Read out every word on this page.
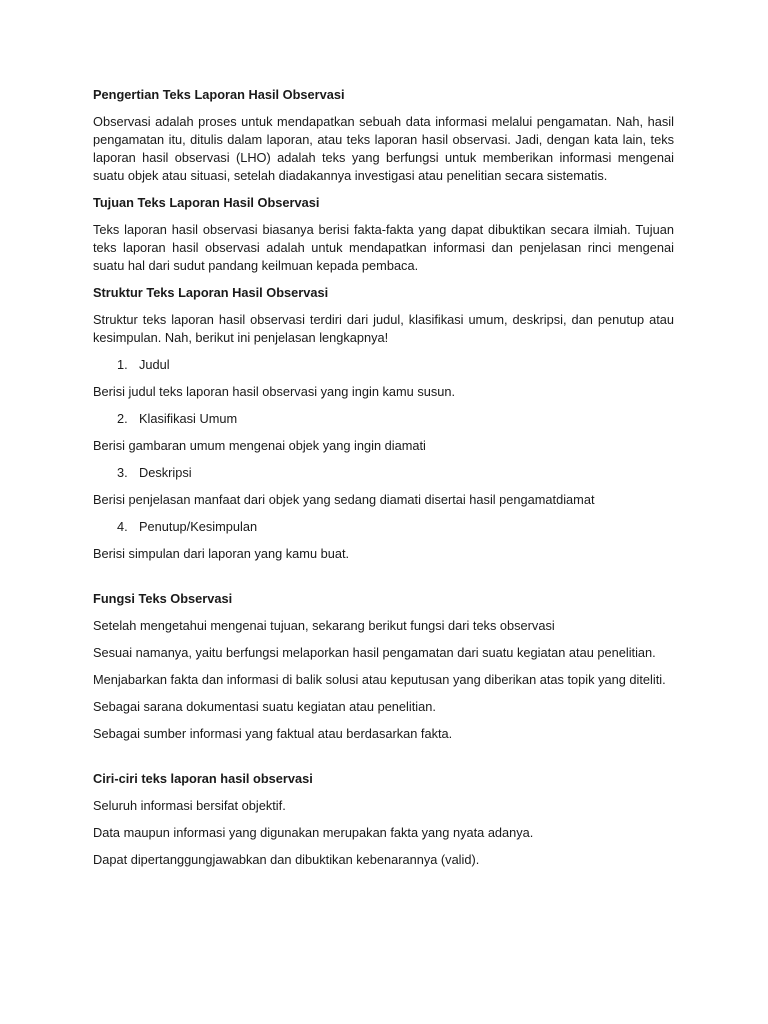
Pengertian Teks Laporan Hasil Observasi
Observasi adalah proses untuk mendapatkan sebuah data informasi melalui pengamatan. Nah, hasil pengamatan itu, ditulis dalam laporan, atau teks laporan hasil observasi. Jadi, dengan kata lain, teks laporan hasil observasi (LHO) adalah teks yang berfungsi untuk memberikan informasi mengenai suatu objek atau situasi, setelah diadakannya investigasi atau penelitian secara sistematis.
Tujuan Teks Laporan Hasil Observasi
Teks laporan hasil observasi biasanya berisi fakta-fakta yang dapat dibuktikan secara ilmiah. Tujuan teks laporan hasil observasi adalah untuk mendapatkan informasi dan penjelasan rinci mengenai suatu hal dari sudut pandang keilmuan kepada pembaca.
Struktur Teks Laporan Hasil Observasi
Struktur teks laporan hasil observasi terdiri dari judul, klasifikasi umum, deskripsi, dan penutup atau kesimpulan. Nah, berikut ini penjelasan lengkapnya!
1. Judul
Berisi judul teks laporan hasil observasi yang ingin kamu susun.
2. Klasifikasi Umum
Berisi gambaran umum mengenai objek yang ingin diamati
3. Deskripsi
Berisi penjelasan manfaat dari objek yang sedang diamati disertai hasil pengamatdiamat
4. Penutup/Kesimpulan
Berisi simpulan dari laporan yang kamu buat.
Fungsi Teks Observasi
Setelah mengetahui mengenai tujuan, sekarang berikut fungsi dari teks observasi
Sesuai namanya, yaitu berfungsi melaporkan hasil pengamatan dari suatu kegiatan atau penelitian.
Menjabarkan fakta dan informasi di balik solusi atau keputusan yang diberikan atas topik yang diteliti.
Sebagai sarana dokumentasi suatu kegiatan atau penelitian.
Sebagai sumber informasi yang faktual atau berdasarkan fakta.
Ciri-ciri teks laporan hasil observasi
Seluruh informasi bersifat objektif.
Data maupun informasi yang digunakan merupakan fakta yang nyata adanya.
Dapat dipertanggungjawabkan dan dibuktikan kebenarannya (valid).
